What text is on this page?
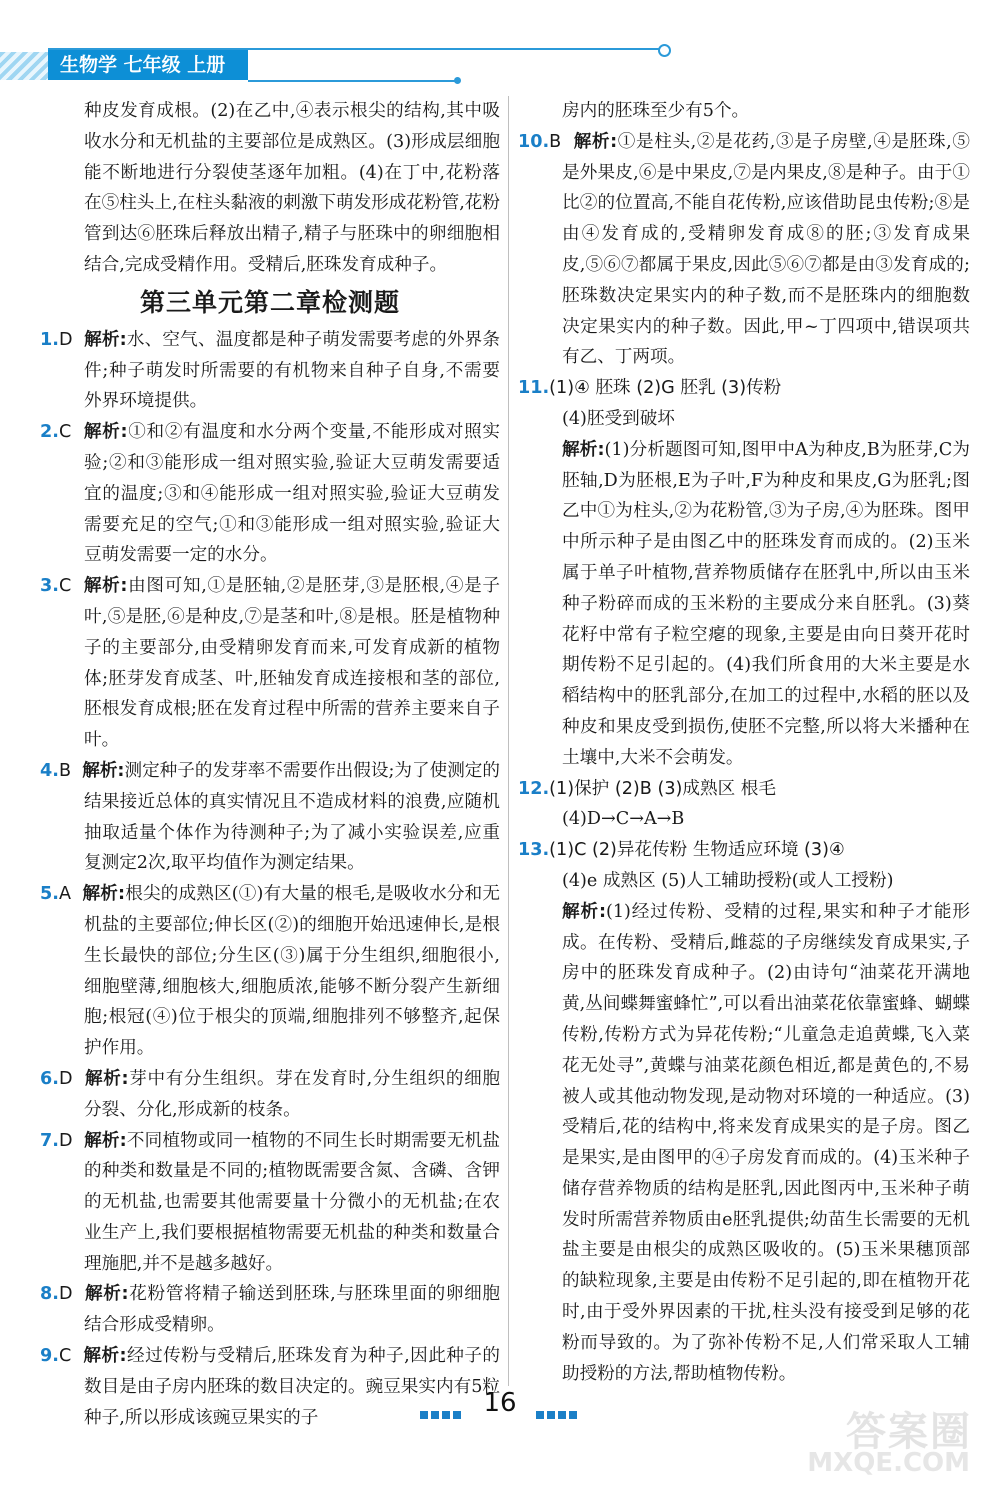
生物学 七年级 上册

种皮发育成根。(2)在乙中,④表示根尖的结构,其中吸收水分和无机盐的主要部位是成熟区。(3)形成层细胞能不断地进行分裂使茎逐年加粗。(4)在丁中,花粉落在⑤柱头上,在柱头黏液的刺激下萌发形成花粉管,花粉管到达⑥胚珠后释放出精子,精子与胚珠中的卵细胞相结合,完成受精作用。受精后,胚珠发育成种子。

第三单元第二章检测题

1.D 解析:水、空气、温度都是种子萌发需要考虑的外界条件;种子萌发时所需要的有机物来自种子自身,不需要外界环境提供。

2.C 解析:①和②有温度和水分两个变量,不能形成对照实验;②和③能形成一组对照实验,验证大豆萌发需要适宜的温度;③和④能形成一组对照实验,验证大豆萌发需要充足的空气;①和③能形成一组对照实验,验证大豆萌发需要一定的水分。

3.C 解析:由图可知,①是胚轴,②是胚芽,③是胚根,④是子叶,⑤是胚,⑥是种皮,⑦是茎和叶,⑧是根。胚是植物种子的主要部分,由受精卵发育而来,可发育成新的植物体;胚芽发育成茎、叶,胚轴发育成连接根和茎的部位,胚根发育成根;胚在发育过程中所需的营养主要来自子叶。

4.B 解析:测定种子的发芽率不需要作出假设;为了使测定的结果接近总体的真实情况且不造成材料的浪费,应随机抽取适量个体作为待测种子;为了减小实验误差,应重复测定2次,取平均值作为测定结果。

5.A 解析:根尖的成熟区(①)有大量的根毛,是吸收水分和无机盐的主要部位;伸长区(②)的细胞开始迅速伸长,是根生长最快的部位;分生区(③)属于分生组织,细胞很小,细胞壁薄,细胞核大,细胞质浓,能够不断分裂产生新细胞;根冠(④)位于根尖的顶端,细胞排列不够整齐,起保护作用。

6.D 解析:芽中有分生组织。芽在发育时,分生组织的细胞分裂、分化,形成新的枝条。

7.D 解析:不同植物或同一植物的不同生长时期需要无机盐的种类和数量是不同的;植物既需要含氮、含磷、含钾的无机盐,也需要其他需要量十分微小的无机盐;在农业生产上,我们要根据植物需要无机盐的种类和数量合理施肥,并不是越多越好。

8.D 解析:花粉管将精子输送到胚珠,与胚珠里面的卵细胞结合形成受精卵。

9.C 解析:经过传粉与受精后,胚珠发育为种子,因此种子的数目是由子房内胚珠的数目决定的。豌豆果实内有5粒种子,所以形成该豌豆果实的子

房内的胚珠至少有5个。

10.B 解析:①是柱头,②是花药,③是子房壁,④是胚珠,⑤是外果皮,⑥是中果皮,⑦是内果皮,⑧是种子。由于①比②的位置高,不能自花传粉,应该借助昆虫传粉;⑧是由④发育成的,受精卵发育成⑧的胚;③发育成果皮,⑤⑥⑦都属于果皮,因此⑤⑥⑦都是由③发育成的;胚珠数决定果实内的种子数,而不是胚珠内的细胞数决定果实内的种子数。因此,甲~丁四项中,错误项共有乙、丁两项。

11.(1)④ 胚珠 (2)G 胚乳 (3)传粉

(4)胚受到破坏

解析:(1)分析题图可知,图甲中A为种皮,B为胚芽,C为胚轴,D为胚根,E为子叶,F为种皮和果皮,G为胚乳;图乙中①为柱头,②为花粉管,③为子房,④为胚珠。图甲中所示种子是由图乙中的胚珠发育而成的。(2)玉米属于单子叶植物,营养物质储存在胚乳中,所以由玉米种子粉碎而成的玉米粉的主要成分来自胚乳。(3)葵花籽中常有子粒空瘪的现象,主要是由向日葵开花时期传粉不足引起的。(4)我们所食用的大米主要是水稻结构中的胚乳部分,在加工的过程中,水稻的胚以及种皮和果皮受到损伤,使胚不完整,所以将大米播种在土壤中,大米不会萌发。

12.(1)保护 (2)B (3)成熟区 根毛

(4)D→C→A→B

13.(1)C (2)异花传粉 生物适应环境 (3)④

(4)e 成熟区 (5)人工辅助授粉(或人工授粉)

解析:(1)经过传粉、受精的过程,果实和种子才能形成。在传粉、受精后,雌蕊的子房继续发育成果实,子房中的胚珠发育成种子。(2)由诗句“油菜花开满地黄,丛间蝶舞蜜蜂忙”,可以看出油菜花依靠蜜蜂、蝴蝶传粉,传粉方式为异花传粉;“儿童急走追黄蝶,飞入菜花无处寻”,黄蝶与油菜花颜色相近,都是黄色的,不易被人或其他动物发现,是动物对环境的一种适应。(3)受精后,花的结构中,将来发育成果实的是子房。图乙是果实,是由图甲的④子房发育而成的。(4)玉米种子储存营养物质的结构是胚乳,因此图丙中,玉米种子萌发时所需营养物质由e胚乳提供;幼苗生长需要的无机盐主要是由根尖的成熟区吸收的。(5)玉米果穗顶部的缺粒现象,主要是由传粉不足引起的,即在植物开花时,由于受外界因素的干扰,柱头没有接受到足够的花粉而导致的。为了弥补传粉不足,人们常采取人工辅助授粉的方法,帮助植物传粉。

16
答案圈
MXQE.COM
